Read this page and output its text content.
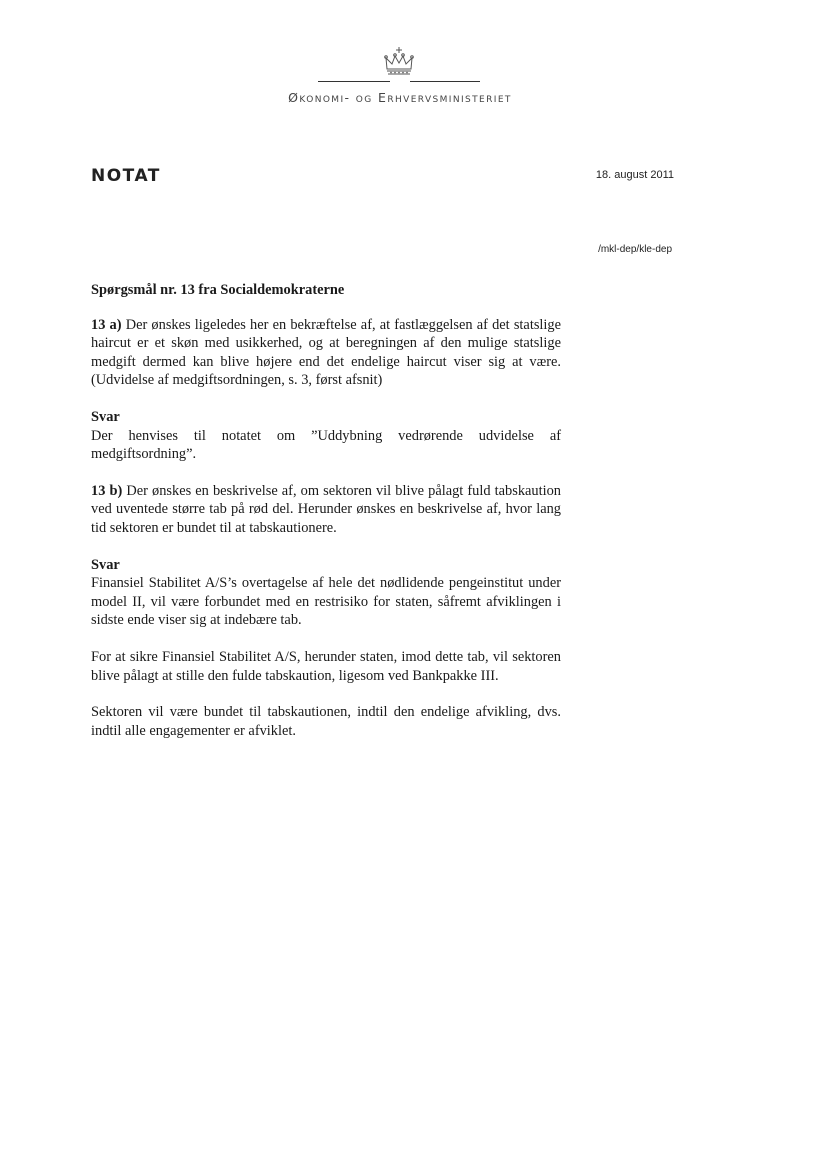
Økonomi- og Erhvervsministeriet
NOTAT	18. august 2011
/mkl-dep/kle-dep

Spørgsmål nr. 13 fra Socialdemokraterne

13 a) Der ønskes ligeledes her en bekræftelse af, at fastlæggelsen af det statslige haircut er et skøn med usikkerhed, og at beregningen af den mulige statslige medgift dermed kan blive højere end det endelige haircut viser sig at være. (Udvidelse af medgiftsordningen, s. 3, først afsnit)

Svar

Der henvises til notatet om ”Uddybning vedrørende udvidelse af medgiftsordning”.

13 b) Der ønskes en beskrivelse af, om sektoren vil blive pålagt fuld tabskaution ved uventede større tab på rød del. Herunder ønskes en beskrivelse af, hvor lang tid sektoren er bundet til at tabskautionere.

Svar

Finansiel Stabilitet A/S’s overtagelse af hele det nødlidende pengeinstitut under model II, vil være forbundet med en restrisiko for staten, såfremt afviklingen i sidste ende viser sig at indebære tab.

For at sikre Finansiel Stabilitet A/S, herunder staten, imod dette tab, vil sektoren blive pålagt at stille den fulde tabskaution, ligesom ved Bankpakke III.

Sektoren vil være bundet til tabskautionen, indtil den endelige afvikling, dvs. indtil alle engagementer er afviklet.
